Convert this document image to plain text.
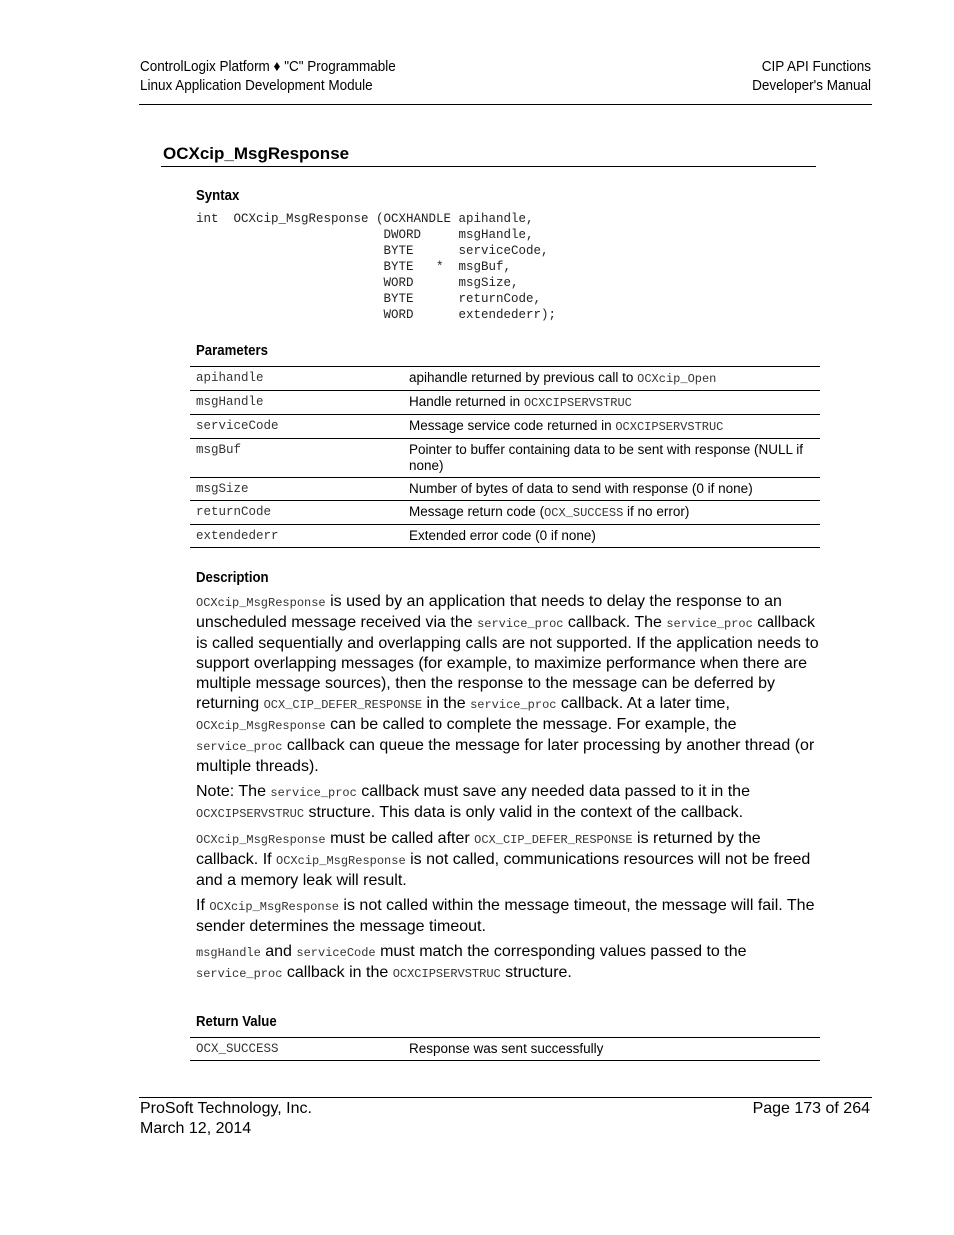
ControlLogix Platform ♦ "C" Programmable
Linux Application Development Module
CIP API Functions
Developer's Manual
OCXcip_MsgResponse
Syntax
int  OCXcip_MsgResponse (OCXHANDLE apihandle,
DWORD     msgHandle,
BYTE      serviceCode,
BYTE   *  msgBuf,
WORD      msgSize,
BYTE      returnCode,
WORD      extendederr);
Parameters
apihandle	apihandle returned by previous call to OCXcip_Open
msgHandle	Handle returned in OCXCIPSERVSTRUC
serviceCode	Message service code returned in OCXCIPSERVSTRUC
msgBuf	Pointer to buffer containing data to be sent with response (NULL if none)
msgSize	Number of bytes of data to send with response (0 if none)
returnCode	Message return code (OCX_SUCCESS if no error)
extendederr	Extended error code (0 if none)
Description

OCXcip_MsgResponse is used by an application that needs to delay the response to an unscheduled message received via the service_proc callback. The service_proc callback is called sequentially and overlapping calls are not supported. If the application needs to support overlapping messages (for example, to maximize performance when there are multiple message sources), then the response to the message can be deferred by returning OCX_CIP_DEFER_RESPONSE in the service_proc callback. At a later time, OCXcip_MsgResponse can be called to complete the message. For example, the service_proc callback can queue the message for later processing by another thread (or multiple threads).

Note: The service_proc callback must save any needed data passed to it in the OCXCIPSERVSTRUC structure. This data is only valid in the context of the callback.

OCXcip_MsgResponse must be called after OCX_CIP_DEFER_RESPONSE is returned by the callback. If OCXcip_MsgResponse is not called, communications resources will not be freed and a memory leak will result.

If OCXcip_MsgResponse is not called within the message timeout, the message will fail. The sender determines the message timeout.

msgHandle and serviceCode must match the corresponding values passed to the service_proc callback in the OCXCIPSERVSTRUC structure.

Return Value
OCX_SUCCESS	Response was sent successfully
ProSoft Technology, Inc.
March 12, 2014
Page 173 of 264
